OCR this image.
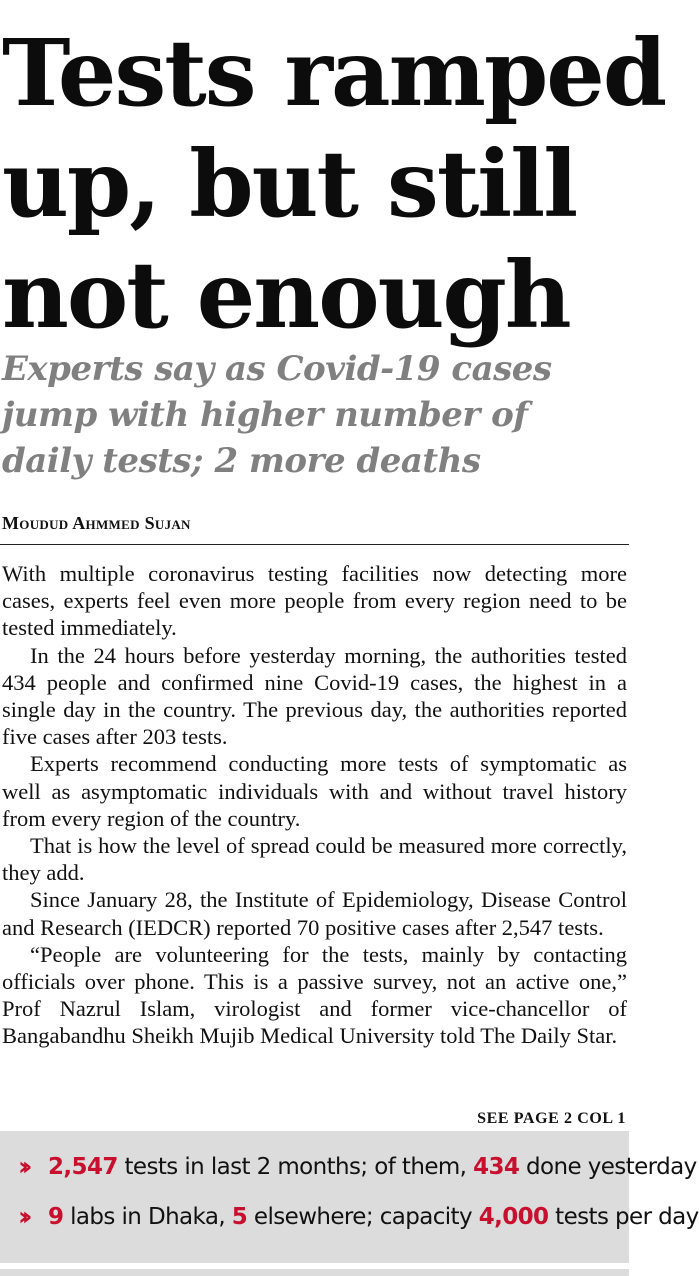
Tests ramped
up, but still
not enough
Experts say as Covid-19 cases
jump with higher number of
daily tests; 2 more deaths
Moudud Ahmmed Sujan

With multiple coronavirus testing facilities now detecting more cases, experts feel even more people from every region need to be tested immediately.

In the 24 hours before yesterday morning, the authorities tested 434 people and confirmed nine Covid-19 cases, the highest in a single day in the country. The previous day, the authorities reported five cases after 203 tests.

Experts recommend conducting more tests of symptomatic as well as asymptomatic individuals with and without travel history from every region of the country.

That is how the level of spread could be measured more correctly, they add.

Since January 28, the Institute of Epidemiology, Disease Control and Research (IEDCR) reported 70 positive cases after 2,547 tests.

“People are volunteering for the tests, mainly by contacting officials over phone. This is a passive survey, not an active one,” Prof Nazrul Islam, virologist and former vice-chancellor of Bangabandhu Sheikh Mujib Medical University told The Daily Star.

SEE PAGE 2 COL 1
›› 2,547 tests in last 2 months; of them, 434 done yesterday
›› 9 labs in Dhaka, 5 elsewhere; capacity 4,000 tests per day
